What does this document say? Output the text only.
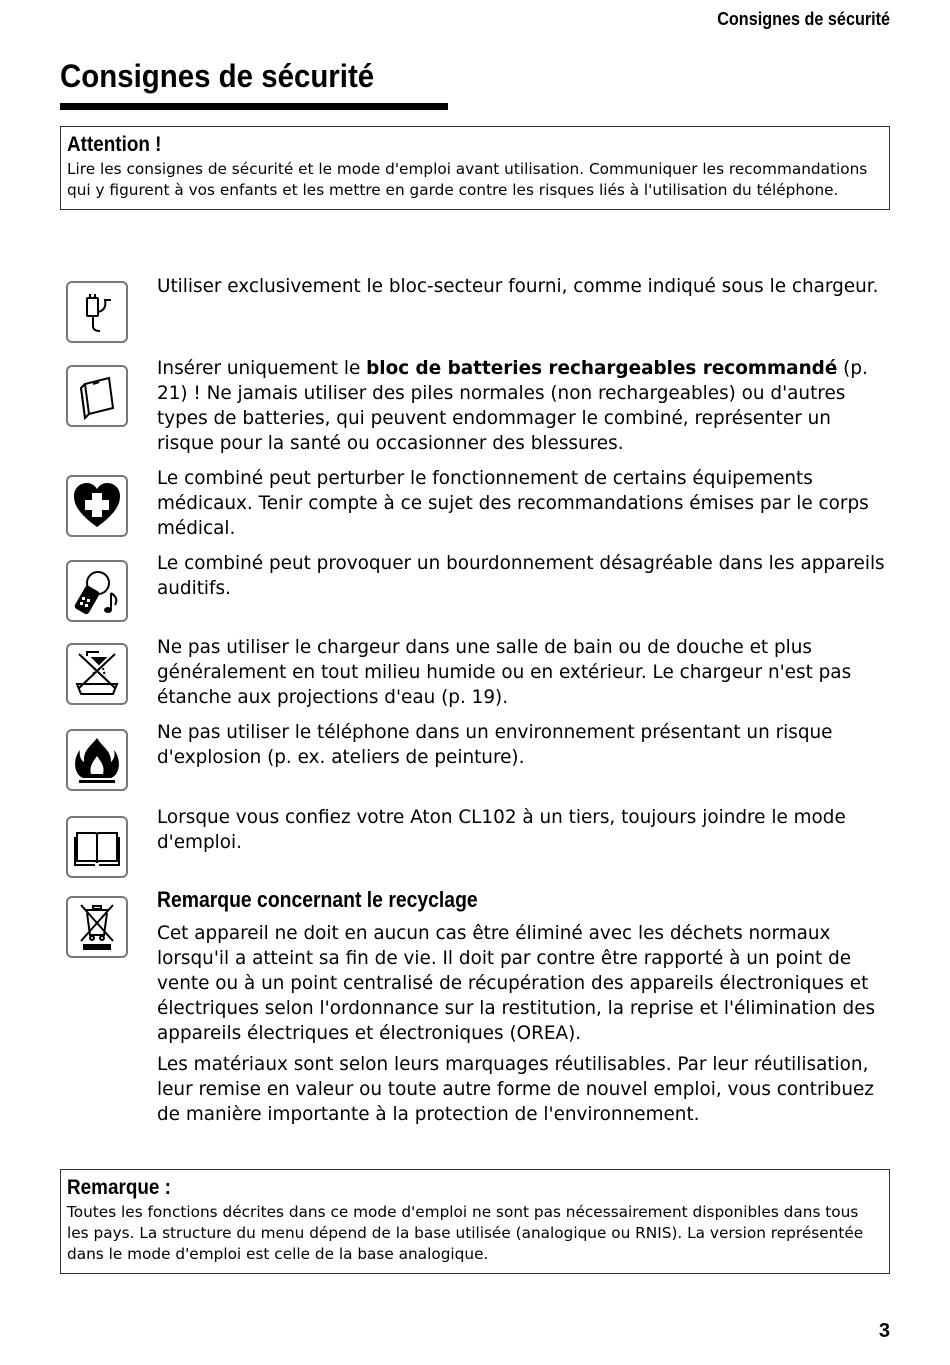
Consignes de sécurité
Consignes de sécurité
Attention !
Lire les consignes de sécurité et le mode d'emploi avant utilisation. Communiquer les recommandations qui y figurent à vos enfants et les mettre en garde contre les risques liés à l'utilisation du téléphone.
Utiliser exclusivement le bloc-secteur fourni, comme indiqué sous le chargeur.
Insérer uniquement le bloc de batteries rechargeables recommandé (p. 21) ! Ne jamais utiliser des piles normales (non rechargeables) ou d'autres types de batteries, qui peuvent endommager le combiné, représenter un risque pour la santé ou occasionner des blessures.
Le combiné peut perturber le fonctionnement de certains équipements médicaux. Tenir compte à ce sujet des recommandations émises par le corps médical.
Le combiné peut provoquer un bourdonnement désagréable dans les appareils auditifs.
Ne pas utiliser le chargeur dans une salle de bain ou de douche et plus généralement en tout milieu humide ou en extérieur. Le chargeur n'est pas étanche aux projections d'eau (p. 19).
Ne pas utiliser le téléphone dans un environnement présentant un risque d'explosion (p. ex. ateliers de peinture).
Lorsque vous confiez votre Aton CL102 à un tiers, toujours joindre le mode d'emploi.
Remarque concernant le recyclage
Cet appareil ne doit en aucun cas être éliminé avec les déchets normaux lorsqu'il a atteint sa fin de vie. Il doit par contre être rapporté à un point de vente ou à un point centralisé de récupération des appareils électroniques et électriques selon l'ordonnance sur la restitution, la reprise et l'élimination des appareils électriques et électroniques (OREA).
Les matériaux sont selon leurs marquages réutilisables. Par leur réutilisation, leur remise en valeur ou toute autre forme de nouvel emploi, vous contribuez de manière importante à la protection de l'environnement.
Remarque :
Toutes les fonctions décrites dans ce mode d'emploi ne sont pas nécessairement disponibles dans tous les pays. La structure du menu dépend de la base utilisée (analogique ou RNIS). La version représentée dans le mode d'emploi est celle de la base analogique.
3
